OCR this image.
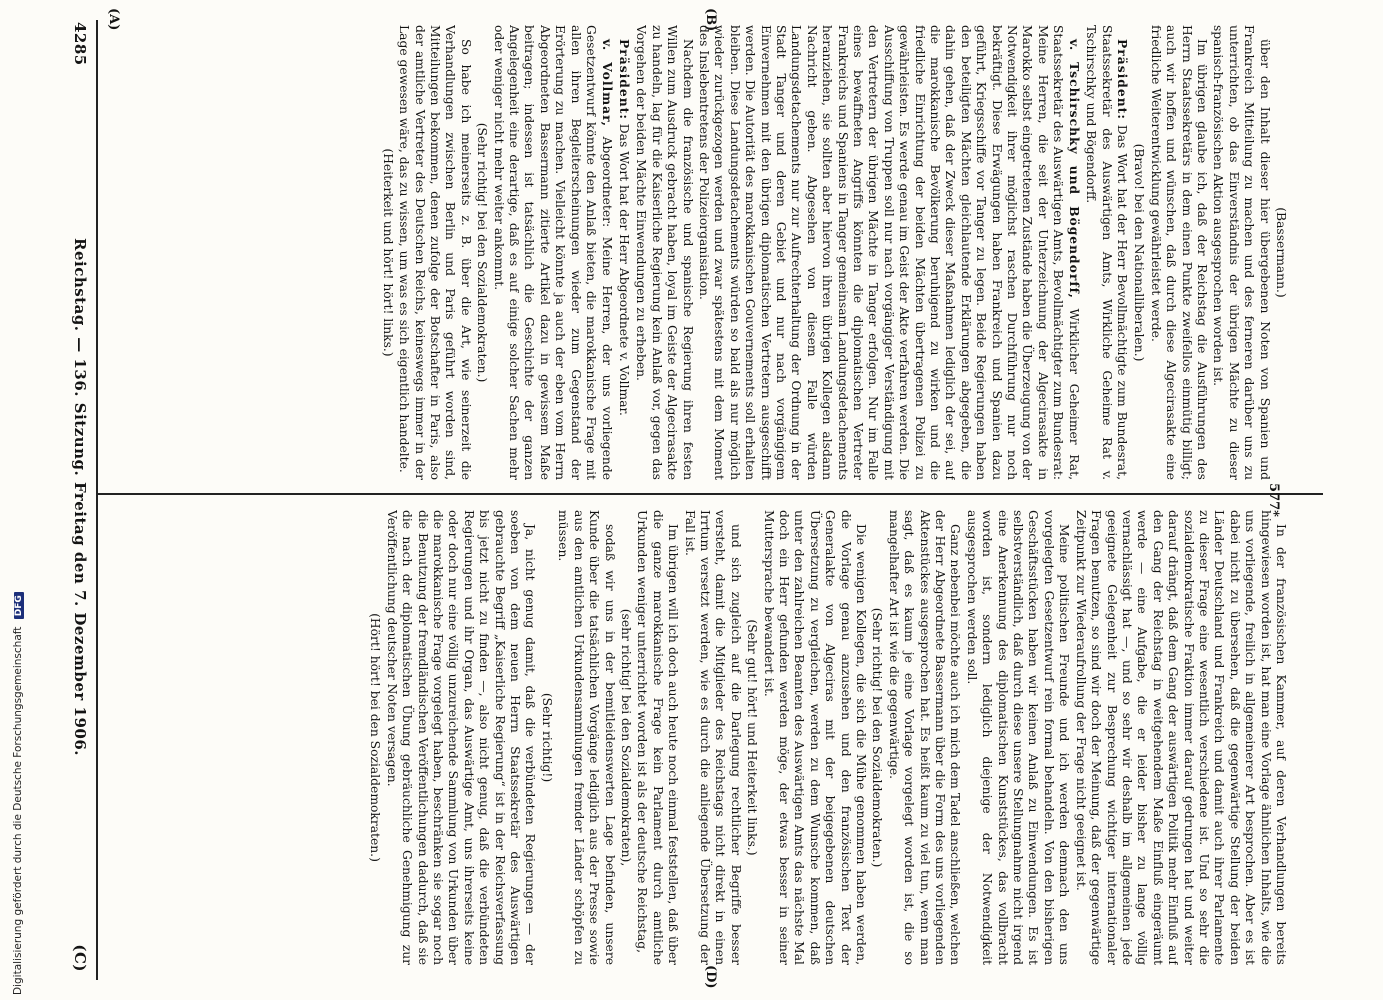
4285
Reichstag. — 136. Sitzung. Freitag den 7. Dezember 1906.
(C)
(A)	(B)
(D)

(Bassermann.)

über den Inhalt dieser hier übergebenen Noten von Spanien und Frankreich Mitteilung zu machen und des ferneren darüber uns zu unterrichten, ob das Einverständnis der übrigen Mächte zu dieser spanisch-französischen Aktion ausgesprochen worden ist.

Im übrigen glaube ich, daß der Reichstag die Ausführungen des Herrn Staatssekretärs in dem einen Punkte zweifellos einmütig billigt; auch wir hoffen und wünschen, daß durch diese Algecirasakte eine friedliche Weiterentwicklung gewährleistet werde.

(Bravo! bei den Nationalliberalen.)

Präsident: Das Wort hat der Herr Bevollmächtigte zum Bundesrat, Staatssekretär des Auswärtigen Amts, Wirkliche Geheime Rat v. Tschirschky und Bögendorff.

v. Tschirschky und Bögendorff, Wirklicher Geheimer Rat, Staatssekretär des Auswärtigen Amts, Bevollmächtigter zum Bundesrat: Meine Herren, die seit der Unterzeichnung der Algecirasakte in Marokko selbst eingetretenen Zustände haben die Überzeugung von der Notwendigkeit ihrer möglichst raschen Durchführung nur noch bekräftigt. Diese Erwägungen haben Frankreich und Spanien dazu geführt, Kriegsschiffe vor Tanger zu legen. Beide Regierungen haben den beteiligten Mächten gleichlautende Erklärungen abgegeben, die dahin gehen, daß der Zweck dieser Maßnahmen lediglich der sei, auf die marokkanische Bevölkerung beruhigend zu wirken und die friedliche Einrichtung der beiden Mächten übertragenen Polizei zu gewährleisten. Es werde genau im Geist der Akte verfahren werden. Die Ausschiffung von Truppen soll nur nach vorgängiger Verständigung mit den Vertretern der übrigen Mächte in Tanger erfolgen. Nur im Falle eines bewaffneten Angriffs könnten die diplomatischen Vertreter Frankreichs und Spaniens in Tanger gemeinsam Landungsdetachements heranziehen, sie sollten aber hiervon ihren übrigen Kollegen alsdann Nachricht geben. Abgesehen von diesem Falle würden Landungsdetachements nur zur Aufrechterhaltung der Ordnung in der Stadt Tanger und deren Gebiet und nur nach vorgängigem Einvernehmen mit den übrigen diplomatischen Vertretern ausgeschifft werden. Die Autorität des marokkanischen Gouvernements soll erhalten bleiben. Diese Landungsdetachements würden so bald als nur möglich wieder zurückgezogen werden und zwar spätestens mit dem Moment des Inslebentretens der Polizeiorganisation.

Nachdem die französische und spanische Regierung ihren festen Willen zum Ausdruck gebracht haben, loyal im Geiste der Algecirasakte zu handeln, lag für die Kaiserliche Regierung kein Anlaß vor, gegen das Vorgehen der beiden Mächte Einwendungen zu erheben.

Präsident: Das Wort hat der Herr Abgeordnete v. Vollmar.

v. Vollmar, Abgeordneter: Meine Herren, der uns vorliegende Gesetzentwurf könnte den Anlaß bieten, die marokkanische Frage mit allen ihren Begleiterscheinungen wieder zum Gegenstand der Erörterung zu machen. Vielleicht könnte ja auch der eben vom Herrn Abgeordneten Bassermann zitierte Artikel dazu in gewissem Maße beitragen; indessen ist tatsächlich die Geschichte der ganzen Angelegenheit eine derartige, daß es auf einige solcher Sachen mehr oder weniger nicht mehr weiter ankommt.

(Sehr richtig! bei den Sozialdemokraten.)

So habe ich meinerseits z. B. über die Art, wie seinerzeit die Verhandlungen zwischen Berlin und Paris geführt worden sind, Mitteilungen bekommen, denen zufolge der Botschafter in Paris, also der amtliche Vertreter des Deutschen Reichs, keineswegs immer in der Lage gewesen wäre, das zu wissen, um was es sich eigentlich handelte.

(Heiterkeit und hört! hört! links.)

In der französischen Kammer, auf deren Verhandlungen bereits hingewiesen worden ist, hat man eine Vorlage ähnlichen Inhalts, wie die uns vorliegende, freilich in allgemeinerer Art besprochen. Aber es ist dabei nicht zu übersehen, daß die gegenwärtige Stellung der beiden Länder Deutschland und Frankreich und damit auch ihrer Parlamente zu dieser Frage eine wesentlich verschiedene ist. Und so sehr die sozialdemokratische Fraktion immer darauf gedrungen hat und weiter darauf drängt, daß dem Gang der auswärtigen Politik mehr Einfluß auf den Gang der Reichstag in weitgehendem Maße Einfluß eingeräumt werde — eine Aufgabe, die er leider bisher zu lange völlig vernachlässigt hat —, und so sehr wir deshalb im allgemeinen jede geeignete Gelegenheit zur Besprechung wichtiger internationaler Fragen benutzen, so sind wir doch der Meinung, daß der gegenwärtige Zeitpunkt zur Wiederaufrollung der Frage nicht geeignet ist.

Meine politischen Freunde und ich werden demnach den uns vorgelegten Gesetzentwurf rein formal behandeln. Von den bisherigen Geschäftsstücken haben wir keinen Anlaß zu Einwendungen. Es ist selbstverständlich, daß durch diese unsere Stellungnahme nicht irgend eine Anerkennung des diplomatischen Kunststückes, das vollbracht worden ist, sondern lediglich diejenige der Notwendigkeit ausgesprochen werden soll.

Ganz nebenbei möchte auch ich mich dem Tadel anschließen, welchen der Herr Abgeordnete Bassermann über die Form des uns vorliegenden Aktenstückes ausgesprochen hat. Es heißt kaum zu viel tun, wenn man sagt, daß es kaum je eine Vorlage vorgelegt worden ist, die so mangelhafter Art ist wie die gegenwärtige.

(Sehr richtig! bei den Sozialdemokraten.)

Die wenigen Kollegen, die sich die Mühe genommen haben werden, die Vorlage genau anzusehen und den französischen Text der Generalakte von Algeciras mit der beigegebenen deutschen Übersetzung zu vergleichen, werden zu dem Wunsche kommen, daß unter den zahlreichen Beamten des Auswärtigen Amts das nächste Mal doch ein Herr gefunden werden möge, der etwas besser in seiner Muttersprache bewandert ist.

(Sehr gut! hört! und Heiterkeit links.)

und sich zugleich auf die Darlegung rechtlicher Begriffe besser versteht, damit die Mitglieder des Reichstags nicht direkt in einen Irrtum versetzt werden, wie es durch die anliegende Übersetzung der Fall ist.

Im übrigen will ich doch auch heute noch einmal feststellen, daß über die ganze marokkanische Frage kein Parlament durch amtliche Urkunden weniger unterrichtet worden ist als der deutsche Reichstag,

(sehr richtig! bei den Sozialdemokraten),

sodaß wir uns in der bemitleidenswerten Lage befinden, unsere Kunde über die tatsächlichen Vorgänge lediglich aus der Presse sowie aus den amtlichen Urkundensammlungen fremder Länder schöpfen zu müssen.

(Sehr richtig!)

Ja, nicht genug damit, daß die verbündeten Regierungen — der soeben von dem neuen Herrn Staatssekretär des Auswärtigen gebrauchte Begriff „Kaiserliche Regierung“ ist in der Reichsverfassung bis jetzt nicht zu finden —, also nicht genug, daß die verbündeten Regierungen und ihr Organ, das Auswärtige Amt, uns ihrerseits keine oder doch nur eine völlig unzureichende Sammlung von Urkunden über die marokkanische Frage vorgelegt haben, beschränken sie sogar noch die Benutzung der fremdländischen Veröffentlichungen dadurch, daß sie die nach der diplomatischen Übung gebräuchliche Genehmigung zur Veröffentlichung deutscher Noten versagen.

(Hört! hört! bei den Sozialdemokraten.)

577*
Digitalisierung gefördert durch die Deutsche Forschungsgemeinschaft DFG
